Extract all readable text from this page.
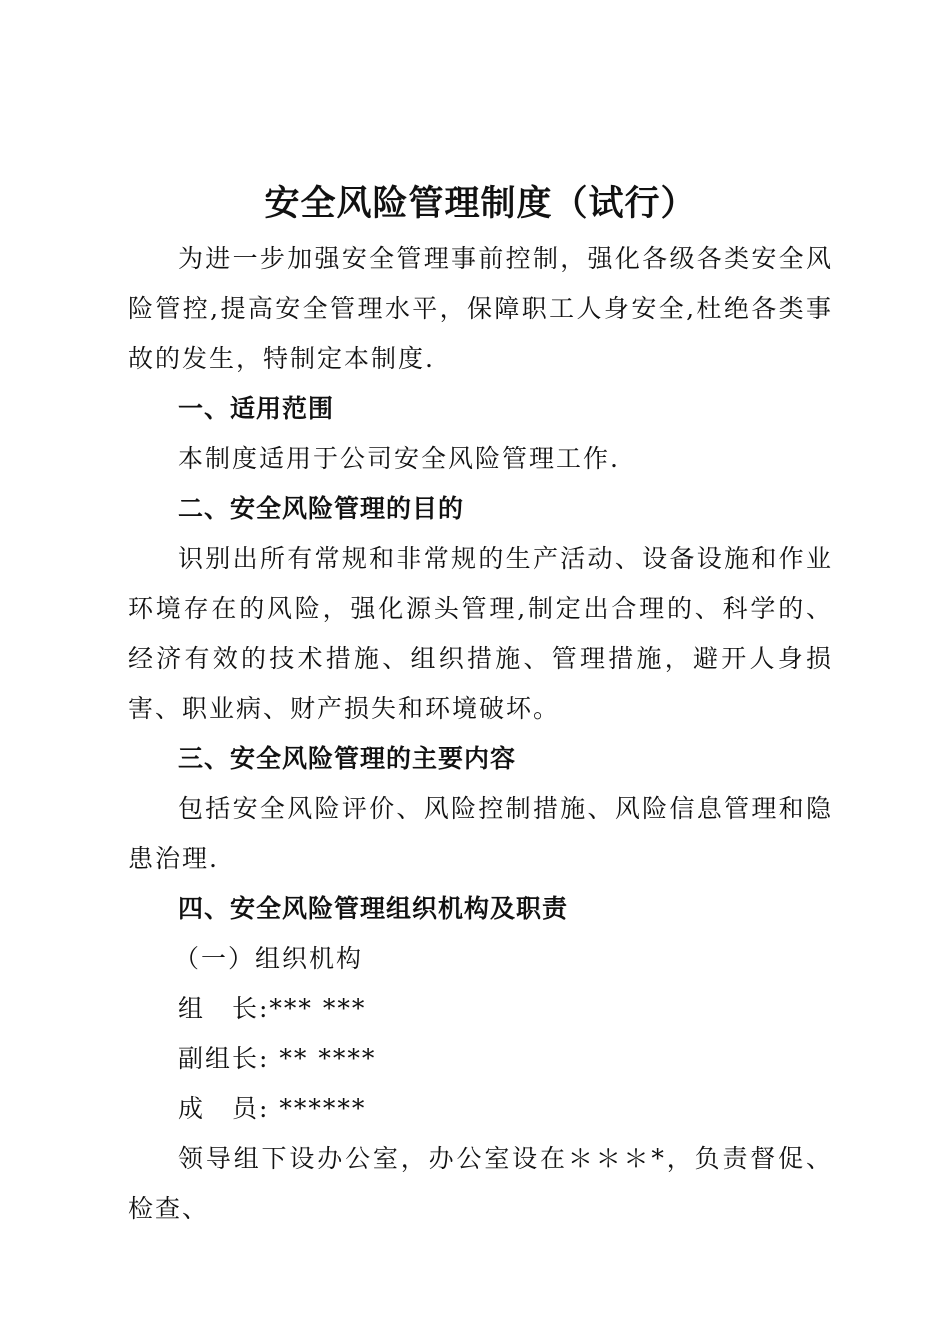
安全风险管理制度（试行）

为进一步加强安全管理事前控制，强化各级各类安全风险管控,提高安全管理水平，保障职工人身安全,杜绝各类事故的发生，特制定本制度.

一、适用范围

本制度适用于公司安全风险管理工作.

二、安全风险管理的目的

识别出所有常规和非常规的生产活动、设备设施和作业环境存在的风险，强化源头管理,制定出合理的、科学的、经济有效的技术措施、组织措施、管理措施，避开人身损害、职业病、财产损失和环境破坏。

三、安全风险管理的主要内容

包括安全风险评价、风险控制措施、风险信息管理和隐患治理.

四、安全风险管理组织机构及职责

（一）组织机构

组　长:*** ***

副组长: ** ****

成　员: ******

领导组下设办公室，办公室设在＊＊＊*，负责督促、检查、
